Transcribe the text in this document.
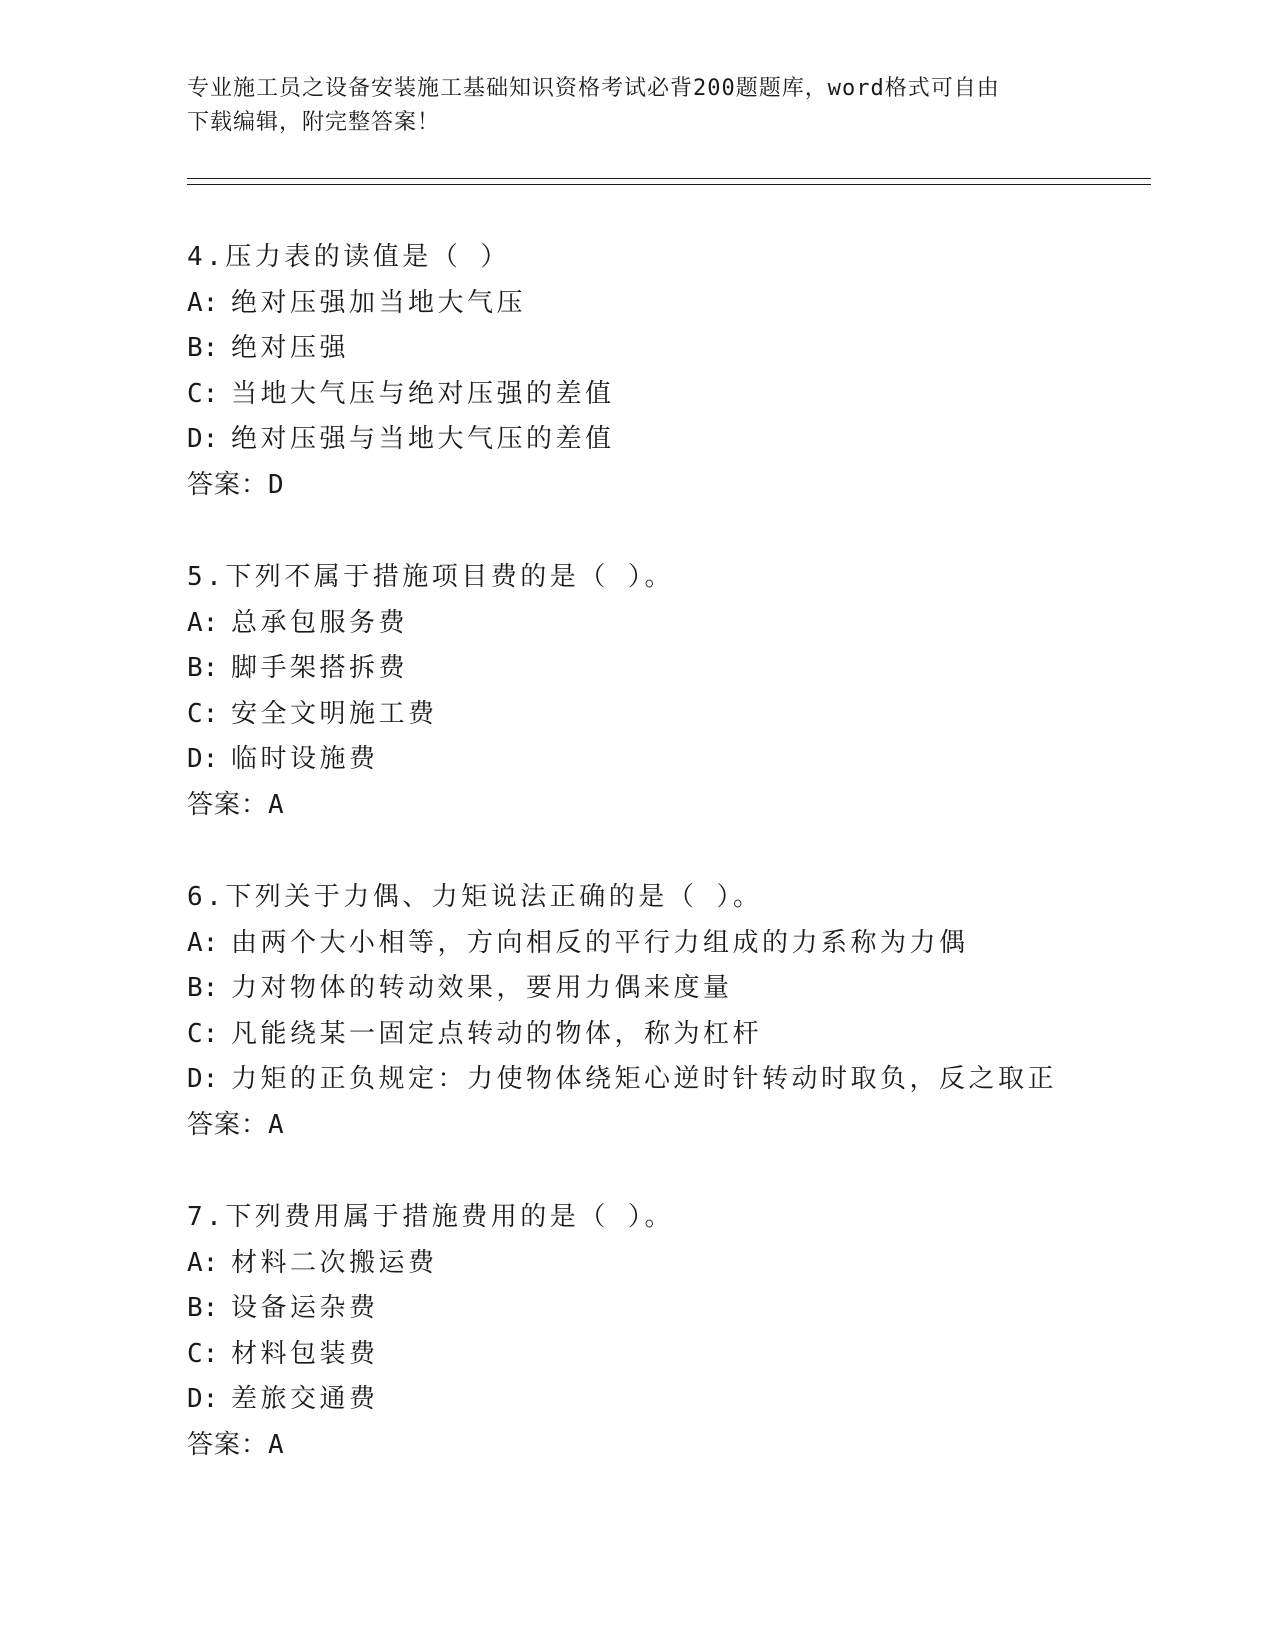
专业施工员之设备安装施工基础知识资格考试必背200题题库，word格式可自由
下载编辑，附完整答案！
4.压力表的读值是（ ）
A: 绝对压强加当地大气压
B: 绝对压强
C: 当地大气压与绝对压强的差值
D: 绝对压强与当地大气压的差值
答案：D
5.下列不属于措施项目费的是（ ）。
A: 总承包服务费
B: 脚手架搭拆费
C: 安全文明施工费
D: 临时设施费
答案：A
6.下列关于力偶、力矩说法正确的是（ ）。
A: 由两个大小相等，方向相反的平行力组成的力系称为力偶
B: 力对物体的转动效果，要用力偶来度量
C: 凡能绕某一固定点转动的物体，称为杠杆
D: 力矩的正负规定：力使物体绕矩心逆时针转动时取负，反之取正
答案：A
7.下列费用属于措施费用的是（ ）。
A: 材料二次搬运费
B: 设备运杂费
C: 材料包装费
D: 差旅交通费
答案：A
